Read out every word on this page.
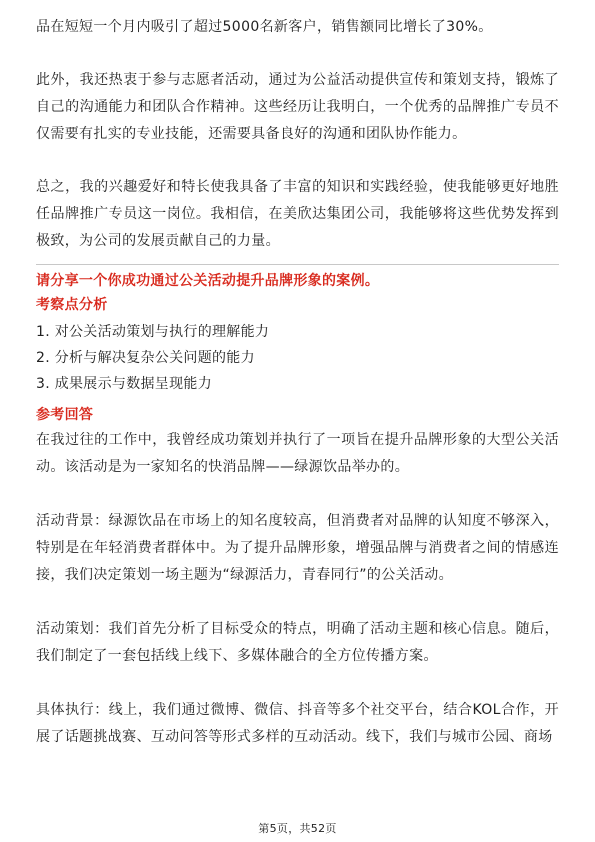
品在短短一个月内吸引了超过5000名新客户，销售额同比增长了30%。

此外，我还热衷于参与志愿者活动，通过为公益活动提供宣传和策划支持，锻炼了自己的沟通能力和团队合作精神。这些经历让我明白，一个优秀的品牌推广专员不仅需要有扎实的专业技能，还需要具备良好的沟通和团队协作能力。

总之，我的兴趣爱好和特长使我具备了丰富的知识和实践经验，使我能够更好地胜任品牌推广专员这一岗位。我相信，在美欣达集团公司，我能够将这些优势发挥到极致，为公司的发展贡献自己的力量。

请分享一个你成功通过公关活动提升品牌形象的案例。

考察点分析

1. 对公关活动策划与执行的理解能力
2. 分析与解决复杂公关问题的能力
3. 成果展示与数据呈现能力

参考回答

在我过往的工作中，我曾经成功策划并执行了一项旨在提升品牌形象的大型公关活动。该活动是为一家知名的快消品牌——绿源饮品举办的。

活动背景：绿源饮品在市场上的知名度较高，但消费者对品牌的认知度不够深入，特别是在年轻消费者群体中。为了提升品牌形象，增强品牌与消费者之间的情感连接，我们决定策划一场主题为“绿源活力，青春同行”的公关活动。

活动策划：我们首先分析了目标受众的特点，明确了活动主题和核心信息。随后，我们制定了一套包括线上线下、多媒体融合的全方位传播方案。

具体执行：线上，我们通过微博、微信、抖音等多个社交平台，结合KOL合作，开展了话题挑战赛、互动问答等形式多样的互动活动。线下，我们与城市公园、商场

第5页，共52页
